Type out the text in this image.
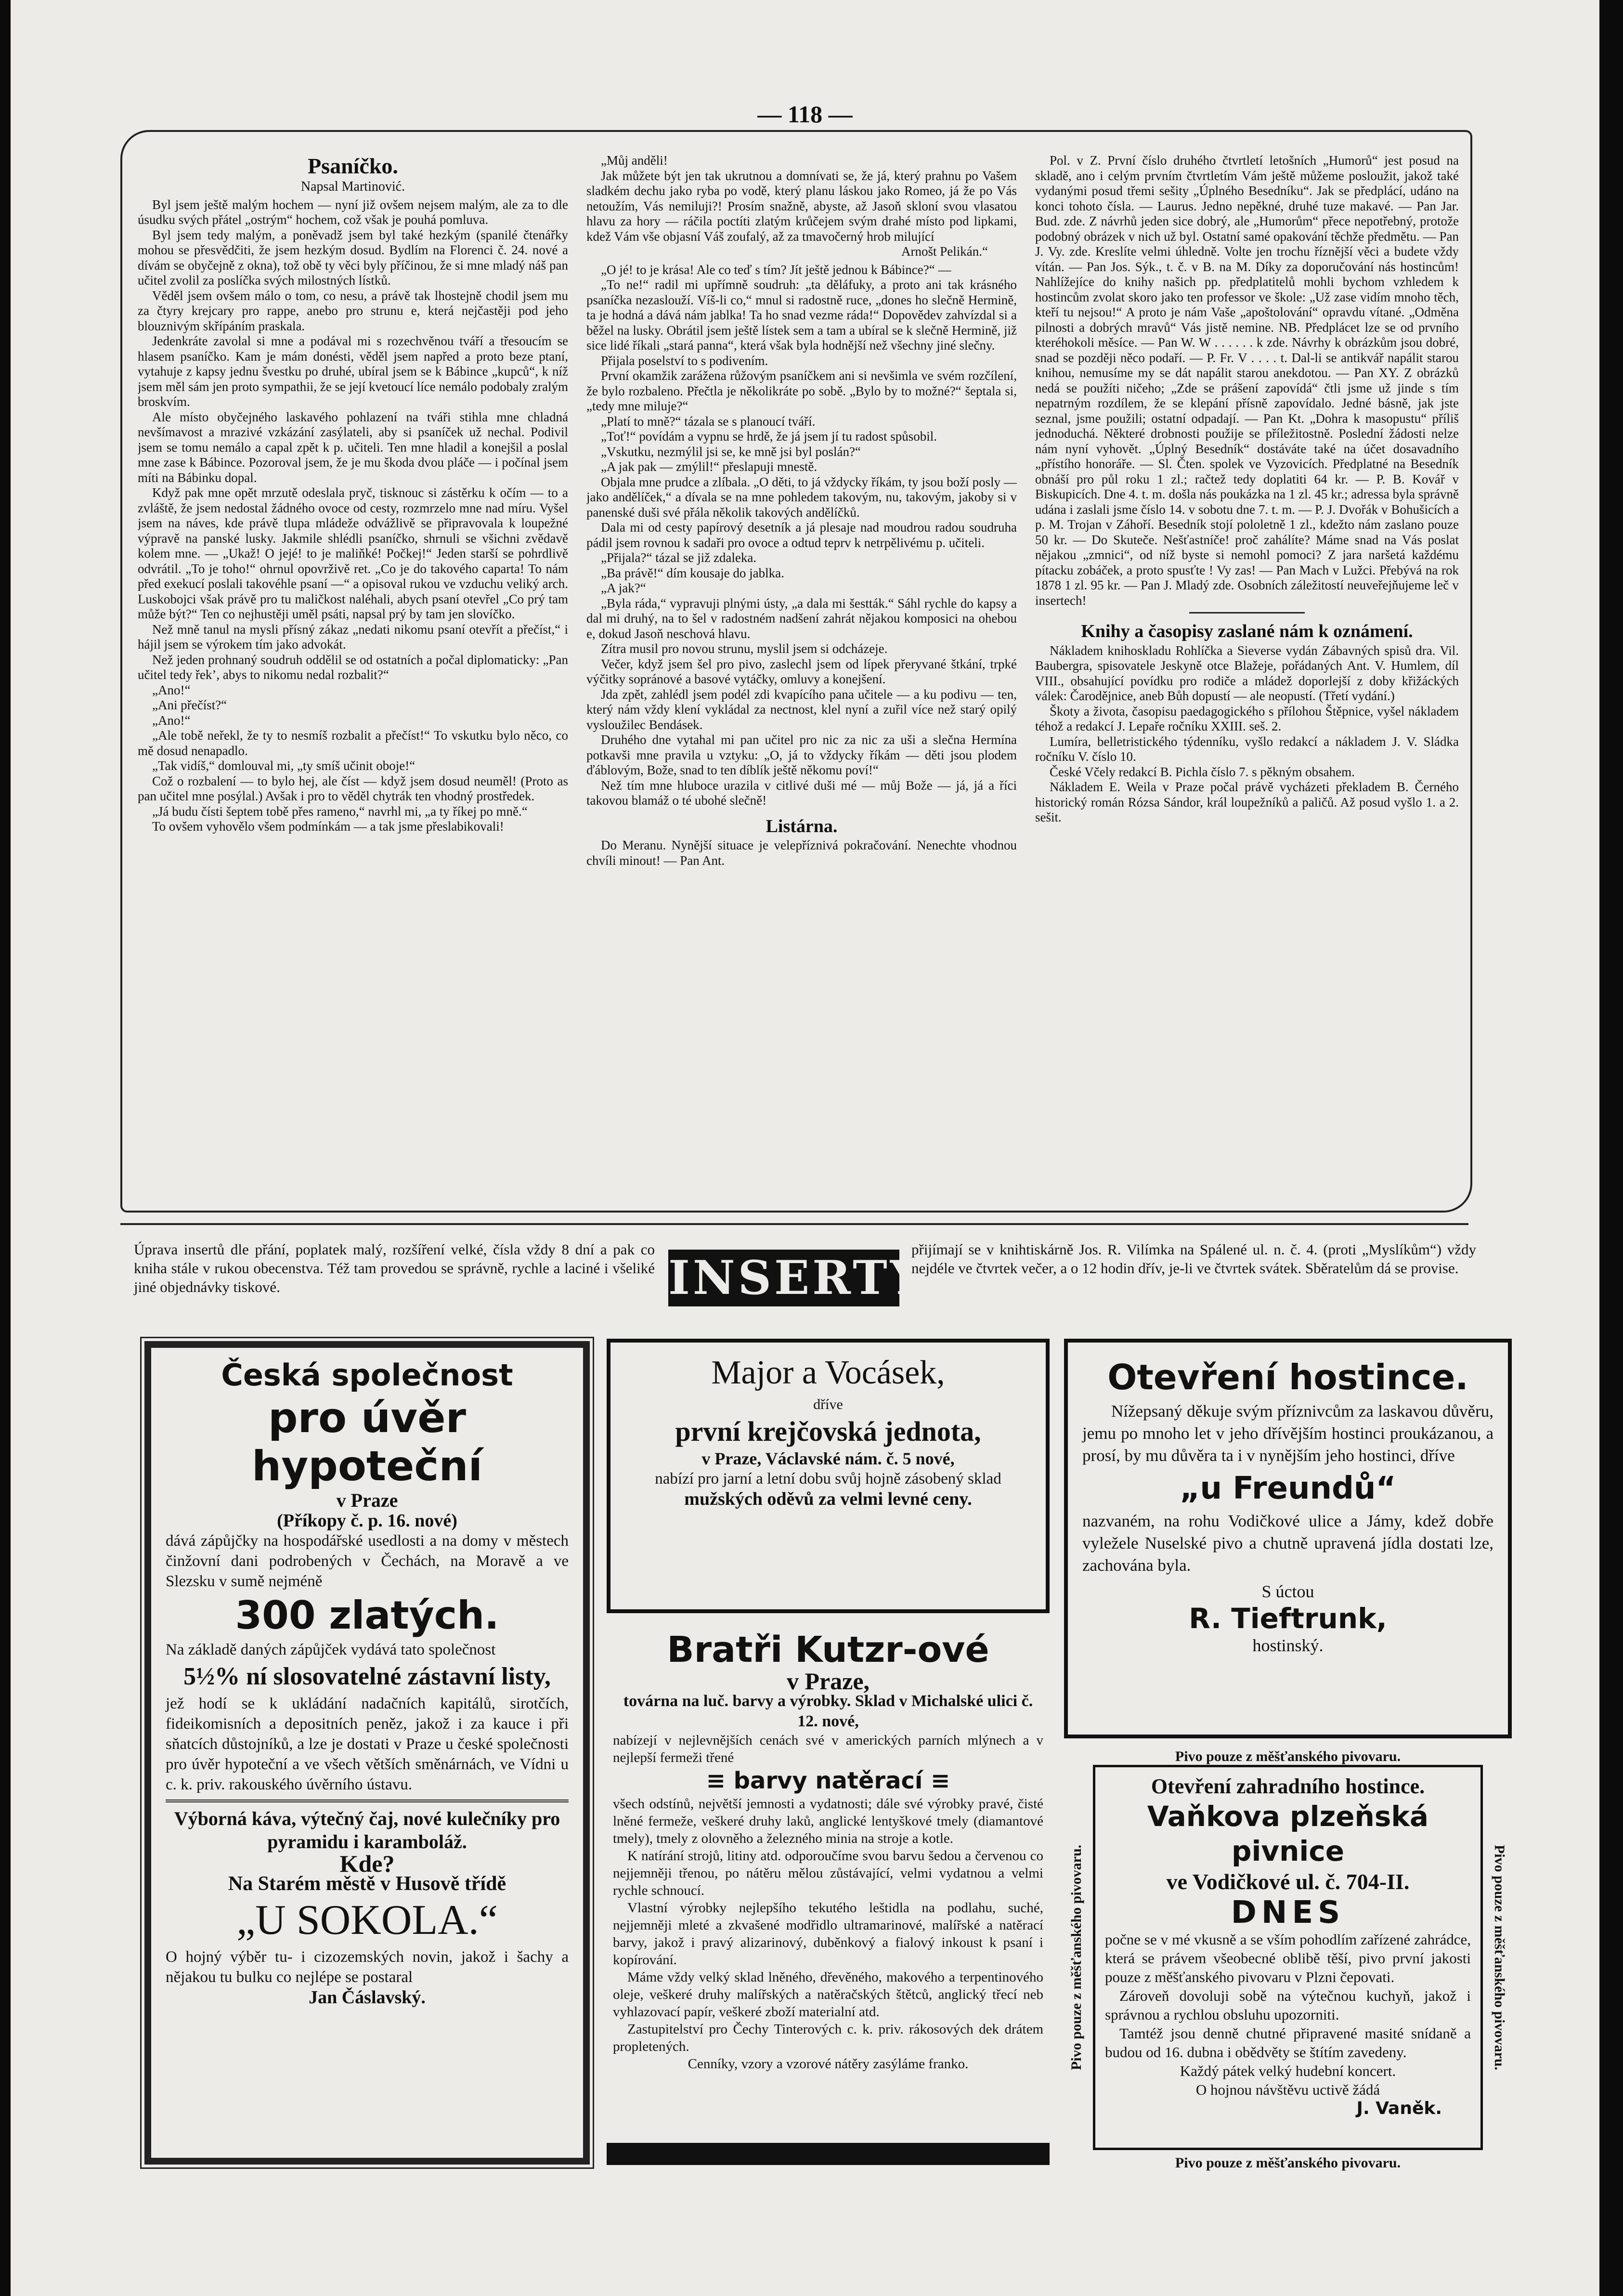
— 118 —
Psaníčko.
Napsal Martinović.

Byl jsem ještě malým hochem — nyní již ovšem nejsem malým, ale za to dle úsudku svých přátel „ostrým“ hochem, což však je pouhá pomluva.

Byl jsem tedy malým, a poněvadž jsem byl také hezkým (spanilé čtenářky mohou se přesvědčiti, že jsem hezkým dosud. Bydlím na Florenci č. 24. nové a dívám se obyčejně z okna), tož obě ty věci byly příčinou, že si mne mladý náš pan učitel zvolil za poslíčka svých milostných lístků.

Věděl jsem ovšem málo o tom, co nesu, a právě tak lhostejně chodil jsem mu za čtyry krejcary pro rappe, anebo pro strunu e, která nejčastěji pod jeho blouznivým skřípáním praskala.

Jedenkráte zavolal si mne a podával mi s rozechvěnou tváří a třesoucím se hlasem psaníčko. Kam je mám donésti, věděl jsem napřed a proto beze ptaní, vytahuje z kapsy jednu švestku po druhé, ubíral jsem se k Bábince „kupců“, k níž jsem měl sám jen proto sympathii, že se její kvetoucí líce nemálo podobaly zralým broskvím.

Ale místo obyčejného laskavého pohlazení na tváři stihla mne chladná nevšímavost a mrazivé vzkázání zasýlateli, aby si psaníček už nechal. Podivil jsem se tomu nemálo a capal zpět k p. učiteli. Ten mne hladil a konejšil a poslal mne zase k Bábince. Pozoroval jsem, že je mu škoda dvou pláče — i počínal jsem míti na Bábinku dopal.

Když pak mne opět mrzutě odeslala pryč, tisknouc si zástěrku k očím — to a zvláště, že jsem nedostal žádného ovoce od cesty, rozmrzelo mne nad míru. Vyšel jsem na náves, kde právě tlupa mládeže odvážlivě se připravovala k loupežné výpravě na panské lusky. Jakmile shlédli psaníčko, shrnuli se všichni zvědavě kolem mne. — „Ukaž! O jejé! to je maliňké! Počkej!“ Jeden starší se pohrdlivě odvrátil. „To je toho!“ ohrnul opovrživě ret. „Co je do takového caparta! To nám před exekucí poslali takovéhle psaní —“ a opisoval rukou ve vzduchu veliký arch. Luskobojci však právě pro tu maličkost naléhali, abych psaní otevřel „Co prý tam může být?“ Ten co nejhustěji uměl psáti, napsal prý by tam jen slovíčko.

Než mně tanul na mysli přísný zákaz „nedati nikomu psaní otevřít a přečíst,“ i hájil jsem se výrokem tím jako advokát.

Než jeden prohnaný soudruh oddělil se od ostatních a počal diplomaticky: „Pan učitel tedy řek’, abys to nikomu nedal rozbalit?“

„Ano!“

„Ani přečíst?“

„Ano!“

„Ale tobě neřekl, že ty to nesmíš rozbalit a přečíst!“ To vskutku bylo něco, co mě dosud nenapadlo.

„Tak vidíš,“ domlouval mi, „ty smíš učinit oboje!“

Což o rozbalení — to bylo hej, ale číst — když jsem dosud neuměl! (Proto as pan učitel mne posýlal.) Avšak i pro to věděl chytrák ten vhodný prostředek.

„Já budu čísti šeptem tobě přes rameno,“ navrhl mi, „a ty říkej po mně.“

To ovšem vyhovělo všem podmínkám — a tak jsme přeslabikovali!

„Můj anděli!

Jak můžete být jen tak ukrutnou a domnívati se, že já, který prahnu po Vašem sladkém dechu jako ryba po vodě, který planu láskou jako Romeo, já že po Vás netoužím, Vás nemiluji?! Prosím snažně, abyste, až Jasoň skloní svou vlasatou hlavu za hory — ráčila poctíti zlatým krůčejem svým drahé místo pod lipkami, kdež Vám vše objasní Váš zoufalý, až za tmavočerný hrob milující

Arnošt Pelikán.“

„O jé! to je krása! Ale co teď s tím? Jít ještě jednou k Bábince?“ —

„To ne!“ radil mi upřímně soudruh: „ta děláfuky, a proto ani tak krásného psaníčka nezaslouží. Víš-li co,“ mnul si radostně ruce, „dones ho slečně Hermině, ta je hodná a dává nám jablka! Ta ho snad vezme ráda!“ Dopovědev zahvízdal si a běžel na lusky. Obrátil jsem ještě lístek sem a tam a ubíral se k slečně Hermině, již sice lidé říkali „stará panna“, která však byla hodnější než všechny jiné slečny.

Přijala poselství to s podivením.

První okamžik zarážena růžovým psaníčkem ani si nevšimla ve svém rozčílení, že bylo rozbaleno. Přečtla je několikráte po sobě. „Bylo by to možné?“ šeptala si, „tedy mne miluje?“

„Platí to mně?“ tázala se s planoucí tváří.

„Toť!“ povídám a vypnu se hrdě, že já jsem jí tu radost spůsobil.

„Vskutku, nezmýlil jsi se, ke mně jsi byl poslán?“

„A jak pak — zmýlil!“ přeslapuji mnestě.

Objala mne prudce a zlíbala. „O děti, to já vždycky říkám, ty jsou boží posly — jako andělíček,“ a dívala se na mne pohledem takovým, nu, takovým, jakoby si v panenské duši své přála několik takových andělíčků.

Dala mi od cesty papírový desetník a já plesaje nad moudrou radou soudruha pádil jsem rovnou k sadaři pro ovoce a odtud teprv k netrpělivému p. učiteli.

„Přijala?“ tázal se již zdaleka.

„Ba právě!“ dím kousaje do jablka.

„A jak?“

„Byla ráda,“ vypravuji plnými ústy, „a dala mi šestták.“ Sáhl rychle do kapsy a dal mi druhý, na to šel v radostném nadšení zahrát nějakou komposici na ohebou e, dokud Jasoň neschová hlavu.

Zítra musil pro novou strunu, myslil jsem si odcházeje.

Večer, když jsem šel pro pivo, zaslechl jsem od lípek přeryvané štkání, trpké výčitky sopránové a basové vytáčky, omluvy a konejšení.

Jda zpět, zahlédl jsem podél zdi kvapícího pana učitele — a ku podivu — ten, který nám vždy klení vykládal za nectnost, klel nyní a zuřil více než starý opilý vysloužilec Bendásek.

Druhého dne vytahal mi pan učitel pro nic za nic za uši a slečna Hermína potkavši mne pravila u vztyku: „O, já to vždycky říkám — děti jsou plodem ďáblovým, Bože, snad to ten díblík ještě někomu poví!“

Než tím mne hluboce urazila v citlivé duši mé — můj Bože — já, já a říci takovou blamáž o té ubohé slečně!

Listárna.

Do Meranu. Nynější situace je velepříznivá pokračování. Nenechte vhodnou chvíli minout! — Pan Ant.

Pol. v Z. První číslo druhého čtvrtletí letošních „Humorů“ jest posud na skladě, ano i celým prvním čtvrtletím Vám ještě můžeme posloužit, jakož také vydanými posud třemi sešity „Úplného Besedníku“. Jak se předplácí, udáno na konci tohoto čísla. — Laurus. Jedno nepěkné, druhé tuze makavé. — Pan Jar. Bud. zde. Z návrhů jeden sice dobrý, ale „Humorům“ přece nepotřebný, protože podobný obrázek v nich už byl. Ostatní samé opakování těchže předmětu. — Pan J. Vy. zde. Kreslíte velmi úhledně. Volte jen trochu říznější věci a budete vždy vítán. — Pan Jos. Sýk., t. č. v B. na M. Díky za doporučování nás hostincům! Nahlížejíce do knihy našich pp. předplatitelů mohli bychom vzhledem k hostincům zvolat skoro jako ten professor ve škole: „Už zase vidím mnoho těch, kteří tu nejsou!“ A proto je nám Vaše „apoštolování“ opravdu vítané. „Odměna pilnosti a dobrých mravů“ Vás jistě nemine. NB. Předplácet lze se od prvního kteréhokoli měsíce. — Pan W. W . . . . . . k zde. Návrhy k obrázkům jsou dobré, snad se později něco podaří. — P. Fr. V . . . . t. Dal-li se antikvář napálit starou knihou, nemusíme my se dát napálit starou anekdotou. — Pan XY. Z obrázků nedá se použíti ničeho; „Zde se prášení zapovídá“ čtli jsme už jinde s tím nepatrným rozdílem, že se klepání přísně zapovídalo. Jedné básně, jak jste seznal, jsme použili; ostatní odpadají. — Pan Kt. „Dohra k masopustu“ příliš jednoduchá. Některé drobnosti použije se příležitostně. Poslední žádosti nelze nám nyní vyhovět. „Úplný Besedník“ dostáváte také na účet dosavadního „přístího honoráře. — Sl. Čten. spolek ve Vyzovicích. Předplatné na Besedník obnáší pro půl roku 1 zl.; račtež tedy doplatiti 64 kr. — P. B. Kovář v Biskupicích. Dne 4. t. m. došla nás poukázka na 1 zl. 45 kr.; adressa byla správně udána i zaslali jsme číslo 14. v sobotu dne 7. t. m. — P. J. Dvořák v Bohušicích a p. M. Trojan v Záhoří. Besedník stojí pololetně 1 zl., kdežto nám zaslano pouze 50 kr. — Do Skuteče. Nešťastníče! proč zahálíte? Máme snad na Vás poslat nějakou „zmnici“, od níž byste si nemohl pomoci? Z jara naršetá každému pítacku zobáček, a proto spusťte ! Vy zas! — Pan Mach v Lužci. Přebývá na rok 1878 1 zl. 95 kr. — Pan J. Mladý zde. Osobních záležitostí neuveřejňujeme leč v insertech!

Knihy a časopisy zaslané nám k oznámení.

Nákladem knihoskladu Rohlíčka a Sieverse vydán Zábavných spisů dra. Vil. Baubergra, spisovatele Jeskyně otce Blažeje, pořádaných Ant. V. Humlem, díl VIII., obsahující povídku pro rodiče a mládež doporlejší z doby křižáckých válek: Čarodějnice, aneb Bůh dopustí — ale neopustí. (Třetí vydání.)

Škoty a života, časopisu paedagogického s přílohou Štěpnice, vyšel nákladem téhož a redakcí J. Lepaře ročníku XXIII. seš. 2.

Lumíra, belletristického týdenníku, vyšlo redakcí a nákladem J. V. Sládka ročníku V. číslo 10.

České Včely redakcí B. Pichla číslo 7. s pěkným obsahem.

Nákladem E. Weila v Praze počal právě vycházeti překladem B. Černého historický román Rózsa Sándor, král loupežníků a paličů. Až posud vyšlo 1. a 2. sešit.

Úprava insertů dle přání, poplatek malý, rozšíření velké, čísla vždy 8 dní a pak co kniha stále v rukou obecenstva. Též tam provedou se správně, rychle a laciné i všeliké jiné objednávky tiskové.	INSERTY
přijímají se v knihtiskárně Jos. R. Vilímka na Spálené ul. n. č. 4. (proti „Myslíkům“) vždy nejdéle ve čtvrtek večer, a o 12 hodin dřív, je-li ve čtvrtek svátek. Sběratelům dá se provise.
Česká společnost
pro úvěr hypoteční
v Praze
(Příkopy č. p. 16. nové)

dává zápůjčky na hospodářské usedlosti a na domy v městech činžovní dani podrobených v Čechách, na Moravě a ve Slezsku v sumě nejméně

300 zlatých.

Na základě daných zápůjček vydává tato společnost

5½% ní slosovatelné zástavní listy,

jež hodí se k ukládání nadačních kapitálů, sirotčích, fideikomisních a depositních peněz, jakož i za kauce i při sňatcích důstojníků, a lze je dostati v Praze u české společnosti pro úvěr hypoteční a ve všech větších směnárnách, ve Vídni u c. k. priv. rakouského úvěrního ústavu.

Výborná káva, výtečný čaj, nové kulečníky pro pyramidu i karamboláž.

Kde?
Na Starém městě v Husově třídě
„U SOKOLA.“

O hojný výběr tu- i cizozemských novin, jakož i šachy a nějakou tu bulku co nejlépe se postaral

Jan Čáslavský.
Major a Vocásek,
dříve
první krejčovská jednota,
v Praze, Václavské nám. č. 5 nové,

nabízí pro jarní a letní dobu svůj hojně zásobený sklad

mužských oděvů za velmi levné ceny.

Bratři Kutzr-ové
v Praze,
továrna na luč. barvy a výrobky. Sklad v Michalské ulici č. 12. nové,

nabízejí v nejlevnějších cenách své v amerických parních mlýnech a v nejlepší fermeži třené

≡ barvy natěrací ≡

všech odstínů, největší jemnosti a vydatnosti; dále své výrobky pravé, čisté lněné fermeže, veškeré druhy laků, anglické lentyškové tmely (diamantové tmely), tmely z olovněho a železného minia na stroje a kotle.

K natírání strojů, litiny atd. odporoučíme svou barvu šedou a červenou co nejjemněji třenou, po nátěru mělou zůstávající, velmi vydatnou a velmi rychle schnoucí.

Vlastní výrobky nejlepšího tekutého leštidla na podlahu, suché, nejjemněji mleté a zkvašené modřidlo ultramarinové, malířské a natěrací barvy, jakož i pravý alizarinový, duběnkový a fialový inkoust k psaní i kopírování.

Máme vždy velký sklad lněného, dřevěného, makového a terpentinového oleje, veškeré druhy malířských a natěračských štětců, anglický třecí neb vyhlazovací papír, veškeré zboží materialní atd.

Zastupitelství pro Čechy Tinterových c. k. priv. rákosových dek drátem propletených.

Cenníky, vzory a vzorové nátěry zasýláme franko.

Otevření hostince.

Nížepsaný děkuje svým příznivcům za laskavou důvěru, jemu po mnoho let v jeho dřívějším hostinci proukázanou, a prosí, by mu důvěra ta i v nynějším jeho hostinci, dříve

„u Freundů“

nazvaném, na rohu Vodičkové ulice a Jámy, kdež dobře vyležele Nuselské pivo a chutně upravená jídla dostati lze, zachována byla.

S úctou
R. Tieftrunk,
hostinský.
Pivo pouze z měšťanského pivovaru.
Pivo pouze z měšťanského pivovaru.	Pivo pouze z měšťanského pivovaru.
Otevření zahradního hostince.
Vaňkova plzeňská pivnice
ve Vodičkové ul. č. 704-II.
DNES

počne se v mé vkusně a se vším pohodlím zařízené zahrádce, která se právem všeobecné oblibě těší, pivo první jakosti pouze z měšťanského pivovaru v Plzni čepovati.

Zároveň dovoluji sobě na výtečnou kuchyň, jakož i správnou a rychlou obsluhu upozorniti.

Tamtéž jsou denně chutné připravené masité snídaně a budou od 16. dubna i obědvěty se štítím zavedeny.

Každý pátek velký hudební koncert.

O hojnou návštěvu uctivě žádá

J. Vaněk.
Pivo pouze z měšťanského pivovaru.
